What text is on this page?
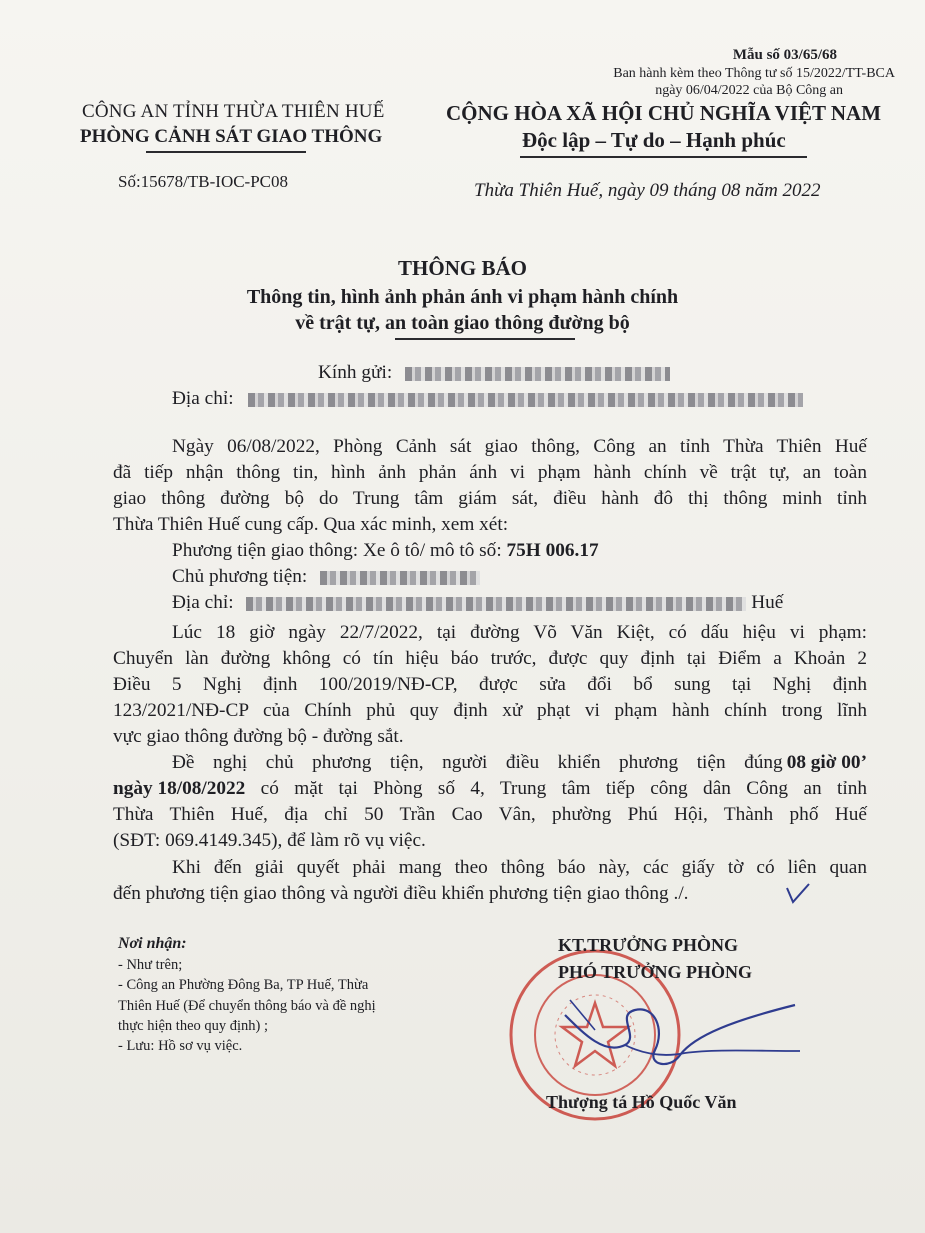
Mẫu số 03/65/68
Ban hành kèm theo Thông tư số 15/2022/TT-BCA
ngày 06/04/2022 của Bộ Công an
CÔNG AN TỈNH THỪA THIÊN HUẾ
PHÒNG CẢNH SÁT GIAO THÔNG
Số:15678/TB-IOC-PC08
CỘNG HÒA XÃ HỘI CHỦ NGHĨA VIỆT NAM
Độc lập – Tự do – Hạnh phúc
Thừa Thiên Huế, ngày 09 tháng 08 năm 2022
THÔNG BÁO
Thông tin, hình ảnh phản ánh vi phạm hành chính
về trật tự, an toàn giao thông đường bộ
Kính gửi:
Địa chỉ:
Ngày 06/08/2022, Phòng Cảnh sát giao thông, Công an tỉnh Thừa Thiên Huế
đã tiếp nhận thông tin, hình ảnh phản ánh vi phạm hành chính về trật tự, an toàn
giao thông đường bộ do Trung tâm giám sát, điều hành đô thị thông minh tỉnh
Thừa Thiên Huế cung cấp. Qua xác minh, xem xét:
Phương tiện giao thông: Xe ô tô/ mô tô số: 75H 006.17
Chủ phương tiện:
Địa chỉ:	Huế
Lúc 18 giờ ngày 22/7/2022, tại đường Võ Văn Kiệt, có dấu hiệu vi phạm:
Chuyển làn đường không có tín hiệu báo trước, được quy định tại Điểm a Khoản 2
Điều 5 Nghị định 100/2019/NĐ-CP, được sửa đổi bổ sung tại Nghị định
123/2021/NĐ-CP của Chính phủ quy định xử phạt vi phạm hành chính trong lĩnh
vực giao thông đường bộ - đường sắt.
Đề nghị chủ phương tiện, người điều khiển phương tiện đúng 08 giờ 00’
ngày 18/08/2022 có mặt tại Phòng số 4, Trung tâm tiếp công dân Công an tỉnh
Thừa Thiên Huế, địa chỉ 50 Trần Cao Vân, phường Phú Hội, Thành phố Huế
(SĐT: 069.4149.345), để làm rõ vụ việc.
Khi đến giải quyết phải mang theo thông báo này, các giấy tờ có liên quan
đến phương tiện giao thông và người điều khiển phương tiện giao thông ./.
Nơi nhận:
- Như trên;
- Công an Phường Đông Ba, TP Huế, Thừa
Thiên Huế (Để chuyển thông báo và đề nghị
thực hiện theo quy định) ;
- Lưu: Hồ sơ vụ việc.
KT.TRƯỞNG PHÒNG
PHÓ TRƯỞNG PHÒNG
Thượng tá Hồ Quốc Văn
